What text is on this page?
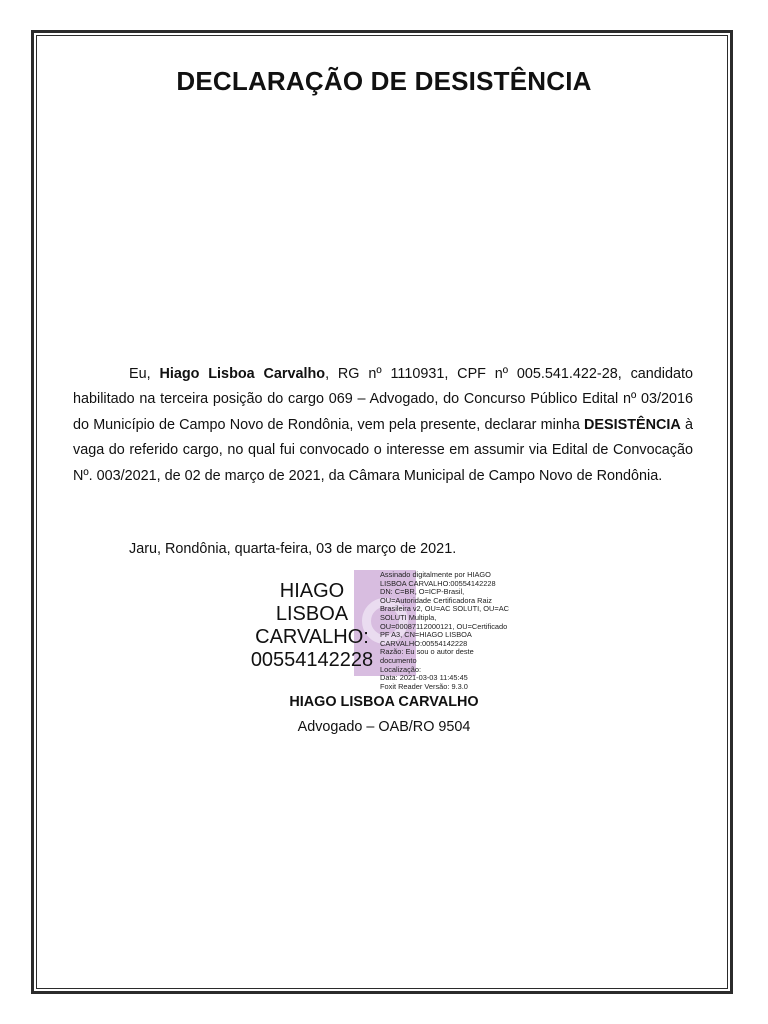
DECLARAÇÃO DE DESISTÊNCIA

Eu, Hiago Lisboa Carvalho, RG nº 1110931, CPF nº 005.541.422-28, candidato habilitado na terceira posição do cargo 069 – Advogado, do Concurso Público Edital nº 03/2016 do Município de Campo Novo de Rondônia, vem pela presente, declarar minha DESISTÊNCIA à vaga do referido cargo, no qual fui convocado o interesse em assumir via Edital de Convocação Nº. 003/2021, de 02 de março de 2021, da Câmara Municipal de Campo Novo de Rondônia.

Jaru, Rondônia, quarta-feira, 03 de março de 2021.

HIAGO
LISBOA
CARVALHO:
00554142228
Assinado digitalmente por HIAGO
LISBOA CARVALHO:00554142228
DN: C=BR, O=ICP-Brasil,
OU=Autoridade Certificadora Raiz
Brasileira v2, OU=AC SOLUTI, OU=AC
SOLUTI Multipla,
OU=00087112000121, OU=Certificado
PF A3, CN=HIAGO LISBOA
CARVALHO:00554142228
Razão: Eu sou o autor deste
documento
Localização:
Data: 2021-03-03 11:45:45
Foxit Reader Versão: 9.3.0
HIAGO LISBOA CARVALHO
Advogado – OAB/RO 9504
